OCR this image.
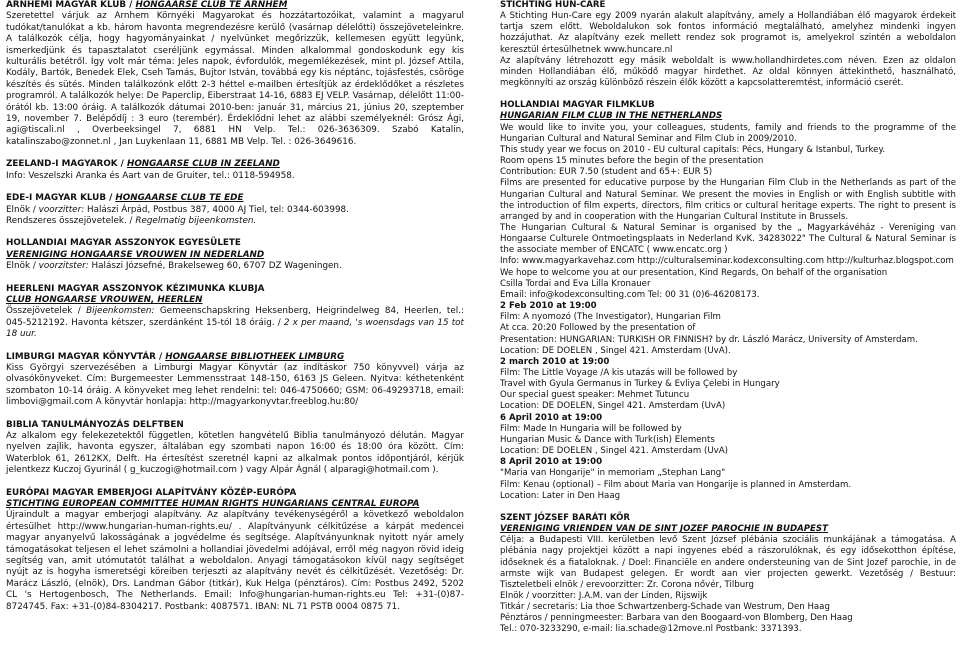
ARNHEMI MAGYAR KLUB / HONGAARSE CLUB TE ARNHEM

Szeretettel várjuk az Arnhem Környéki Magyarokat és hozzátartozóikat, valamint a magyarul tudókat/tanulókat a kb. három havonta megrendezésre kerülő (vasárnap délelőtti) összejöveteleinkre. A találkozók célja, hogy hagyományainkat / nyelvünket megőrizzük, kellemesen együtt legyünk, ismerkedjünk és tapasztalatot cseréljünk egymással. Minden alkalommal gondoskodunk egy kis kulturális betétről. Így volt már téma: Jeles napok, évfordulók, megemlékezések, mint pl. József Attila, Kodály, Bartók, Benedek Elek, Cseh Tamás, Bujtor István, továbbá egy kis néptánc, tojásfestés, csöröge készítés és sütés. Minden találkozónk előtt 2-3 héttel e-mailben értesítjük az érdeklődőket a részletes programról. A találkozók helye: De Paperclip, Eiberstraat 14-16, 6883 EJ VELP. Vasárnap, délelőtt 11:00- órától kb. 13:00 óráig. A találkozók dátumai 2010-ben: január 31, március 21, június 20, szeptember 19, november 7. Belépődíj : 3 euro (terembér). Érdeklődni lehet az alábbi személyeknél: Grósz Ági, agi@tiscali.nl , Overbeeksingel 7, 6881 HN Velp. Tel.: 026-3636309. Szabó Katalin, katalinszabo@zonnet.nl , Jan Luykenlaan 11, 6881 MB Velp. Tel. : 026-3649616.

ZEELAND-I MAGYAROK / HONGAARSE CLUB IN ZEELAND

Info: Veszelszki Aranka és Aart van de Gruiter, tel.: 0118-594958.

EDE-I MAGYAR KLUB / HONGAARSE CLUB TE EDE

Elnök / voorzitter: Halászi Árpád, Postbus 387, 4000 AJ Tiel, tel: 0344-603998.

Rendszeres összejövetelek. / Regelmatig bijeenkomsten.

HOLLANDIAI MAGYAR ASSZONYOK EGYESÜLETE
VERENIGING HONGAARSE VROUWEN IN NEDERLAND

Elnök / voorzitster: Halászi Józsefné, Brakelseweg 60, 6707 DZ Wageningen.

HEERLENI MAGYAR ASSZONYOK KÉZIMUNKA KLUBJA
CLUB HONGAARSE VROUWEN, HEERLEN

Összejövetelek / Bijeenkomsten: Gemeenschapskring Heksenberg, Heigrindelweg 84, Heerlen, tel.: 045-5212192. Havonta kétszer, szerdánként 15-tól 18 óráig. / 2 x per maand, 's woensdags van 15 tot 18 uur.

LIMBURGI MAGYAR KÖNYVTÁR / HONGAARSE BIBLIOTHEEK LIMBURG

Kiss Györgyi szervezésében a Limburgi Magyar Könyvtár (az indításkor 750 könyvvel) várja az olvasókönyveket. Cím: Burgemeester Lemmensstraat 148-150, 6163 JS Geleen. Nyitva: kéthetenként szombaton 10-14 óráig. A könyveket meg lehet rendelni: tel: 046-4750660; GSM: 06-49293718, email: limbovi@gmail.com A könyvtár honlapja: http://magyarkonyvtar.freeblog.hu:80/

BIBLIA TANULMÁNYOZÁS DELFTBEN

Az alkalom egy felekezetektől független, kötetlen hangvételű Biblia tanulmányozó délután. Magyar nyelven zajlik, havonta egyszer, általában egy szombati napon 16:00 és 18:00 óra között. Cím: Waterblok 61, 2612KX, Delft. Ha értesítést szeretnél kapni az alkalmak pontos időpontjáról, kérjük jelentkezz Kuczoj Gyurinál ( g_kuczogi@hotmail.com ) vagy Alpár Ágnál ( alparagi@hotmail.com ).

EURÓPAI MAGYAR EMBERJOGI ALAPÍTVÁNY KÖZÉP-EURÓPA
STICHTING EUROPEAN COMMITTEE HUMAN RIGHTS HUNGARIANS CENTRAL EUROPA

Újraindult a magyar emberjogi alapítvány. Az alapítvány tevékenységéről a következő weboldalon értesülhet http://www.hungarian-human-rights.eu/ . Alapítványunk célkitűzése a kárpát medencei magyar anyanyelvű lakosságának a jogvédelme és segítsége. Alapítványunknak nyitott nyár amely támogatásokat teljesen el lehet számolni a hollandiai jövedelmi adójával, erről még nagyon rövid ideig segítség van, amit utómutatót találhat a weboldalon. Anyagi támogatásokon kívül nagy segítséget nyújt az is hogyha ismeretségi köreiben terjeszti az alapítvány nevét és célkitűzését. Vezetőség: Dr. Marácz László, (elnök), Drs. Landman Gábor (titkár), Kuk Helga (pénztáros). Cím: Postbus 2492, 5202 CL 's Hertogenbosch, The Netherlands. Email: Info@hungarian-human-rights.eu Tel: +31-(0)87-8724745. Fax: +31-(0)84-8304217. Postbank: 4087571. IBAN: NL 71 PSTB 0004 0875 71.

STICHTING HUN-CARE

A Stichting Hun-Care egy 2009 nyarán alakult alapítvány, amely a Hollandiában élő magyarok érdekeit tartja szem előtt. Weboldalukon sok fontos információ megtalálható, amelyhez mindenki ingyen hozzájuthat. Az alapítvány ezek mellett rendez sok programot is, amelyekrol szintén a weboldalon keresztül értesülhetnek www.huncare.nl

Az alapítvány létrehozott egy másik weboldalt is www.hollandhirdetes.com néven. Ezen az oldalon minden Hollandiában élő, működő magyar hirdethet. Az oldal könnyen áttekinthető, használható, megkönnyíti az ország különböző részein élők között a kapcsolatteremtést, információ cserét.

HOLLANDIAI MAGYAR FILMKLUB
HUNGARIAN FILM CLUB IN THE NETHERLANDS

We would like to invite you, your colleagues, students, family and friends to the programme of the Hungarian Cultural and Natural Seminar and Film Club in 2009/2010.

This study year we focus on 2010 - EU cultural capitals: Pécs, Hungary & Istanbul, Turkey.

Room opens 15 minutes before the begin of the presentation

Contribution: EUR 7.50 (student and 65+: EUR 5)

Films are presented for educative purpose by the Hungarian Film Club in the Netherlands as part of the Hungarian Cultural and Natural Seminar. We present the movies in English or with English subtitle with the introduction of film experts, directors, film critics or cultural heritage experts. The right to present is arranged by and in cooperation with the Hungarian Cultural Institute in Brussels.

The Hungarian Cultural & Natural Seminar is organised by the „ Magyarkávéház - Vereniging van Hongaarse Culturele Ontmoetingsplaats in Nederland KvK. 34283022" The Cultural & Natural Seminar is the associate member of ENCATC ( www.encatc.org )

Info: www.magyarkavehaz.com http://culturalseminar.kodexconsulting.com http://kulturhaz.blogspot.com

We hope to welcome you at our presentation, Kind Regards, On behalf of the organisation

Csilla Tordai and Eva Lilla Kronauer

Email: info@kodexconsulting.com Tel: 00 31 (0)6-46208173.

2 Feb 2010 at 19:00

Film: A nyomozó (The Investigator), Hungarian Film

At cca. 20:20 Followed by the presentation of

Presentation: HUNGARIAN: TURKISH OR FINNISH? by dr. László Marácz, University of Amsterdam.

Location: DE DOELEN , Singel 421. Amsterdam (UvA).

2 march 2010 at 19:00

Film: The Little Voyage /A kis utazás will be followed by

Travel with Gyula Germanus in Turkey & Evliya Çelebi in Hungary

Our special guest speaker: Mehmet Tutuncu

Location: DE DOELEN, Singel 421. Amsterdam (UvA)

6 April 2010 at 19:00

Film: Made In Hungaria will be followed by

Hungarian Music & Dance with Turk(ish) Elements

Location: DE DOELEN , Singel 421. Amsterdam (UvA)

8 April 2010 at 19:00

"Maria van Hongarije" in memoriam „Stephan Lang"

Film: Kenau (optional) – Film about Maria van Hongarije is planned in Amsterdam.

Location: Later in Den Haag

SZENT JÓZSEF BARÁTI KÖR
VERENIGING VRIENDEN VAN DE SINT JOZEF PAROCHIE IN BUDAPEST

Célja: a Budapesti VIII. kerületben levő Szent József plébánia szociális munkájának a támogatása. A plébánia nagy projektjei között a napi ingyenes ebéd a rászorulóknak, és egy idősekotthon építése, időseknek és a fiataloknak. / Doel: Financiële en andere ondersteuning van de Sint Jozef parochie, in de armste wijk van Budapest gelegen. Er wordt aan vier projecten gewerkt. Vezetőség / Bestuur: Tiszteletbeli elnök / erevoorzitter: Zr. Corona nővér, Tilburg

Elnök / voorzitter: J.A.M. van der Linden, Rijswijk

Titkár / secretaris: Lia thoe Schwartzenberg-Schade van Westrum, Den Haag

Pénztáros / penningmeester: Barbara van den Boogaard-von Blomberg, Den Haag

Tel.: 070-3233290, e-mail: lia.schade@12move.nl Postbank: 3371393.
